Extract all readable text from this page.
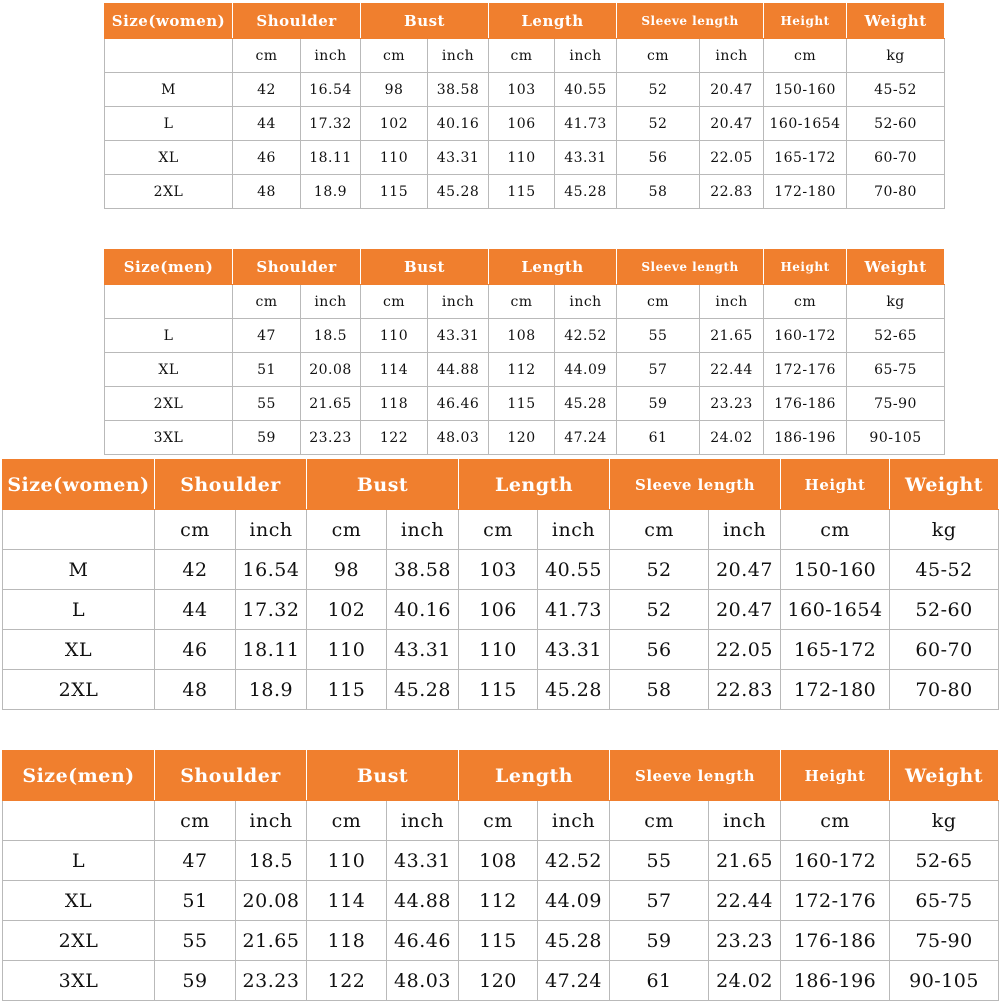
Size(women)	Shoulder		Bust		Length		Sleeve length		Height	Weight
	cm	inch	cm	inch	cm	inch	cm	inch	cm	kg
M	42	16.54	98	38.58	103	40.55	52	20.47	150-160	45-52
L	44	17.32	102	40.16	106	41.73	52	20.47	160-1654	52-60
XL	46	18.11	110	43.31	110	43.31	56	22.05	165-172	60-70
2XL	48	18.9	115	45.28	115	45.28	58	22.83	172-180	70-80
Size(men)	Shoulder		Bust		Length		Sleeve length		Height	Weight
	cm	inch	cm	inch	cm	inch	cm	inch	cm	kg
L	47	18.5	110	43.31	108	42.52	55	21.65	160-172	52-65
XL	51	20.08	114	44.88	112	44.09	57	22.44	172-176	65-75
2XL	55	21.65	118	46.46	115	45.28	59	23.23	176-186	75-90
3XL	59	23.23	122	48.03	120	47.24	61	24.02	186-196	90-105
Size(women)	Shoulder		Bust		Length		Sleeve length		Height	Weight
	cm	inch	cm	inch	cm	inch	cm	inch	cm	kg
M	42	16.54	98	38.58	103	40.55	52	20.47	150-160	45-52
L	44	17.32	102	40.16	106	41.73	52	20.47	160-1654	52-60
XL	46	18.11	110	43.31	110	43.31	56	22.05	165-172	60-70
2XL	48	18.9	115	45.28	115	45.28	58	22.83	172-180	70-80
Size(men)	Shoulder		Bust		Length		Sleeve length		Height	Weight
	cm	inch	cm	inch	cm	inch	cm	inch	cm	kg
L	47	18.5	110	43.31	108	42.52	55	21.65	160-172	52-65
XL	51	20.08	114	44.88	112	44.09	57	22.44	172-176	65-75
2XL	55	21.65	118	46.46	115	45.28	59	23.23	176-186	75-90
3XL	59	23.23	122	48.03	120	47.24	61	24.02	186-196	90-105
